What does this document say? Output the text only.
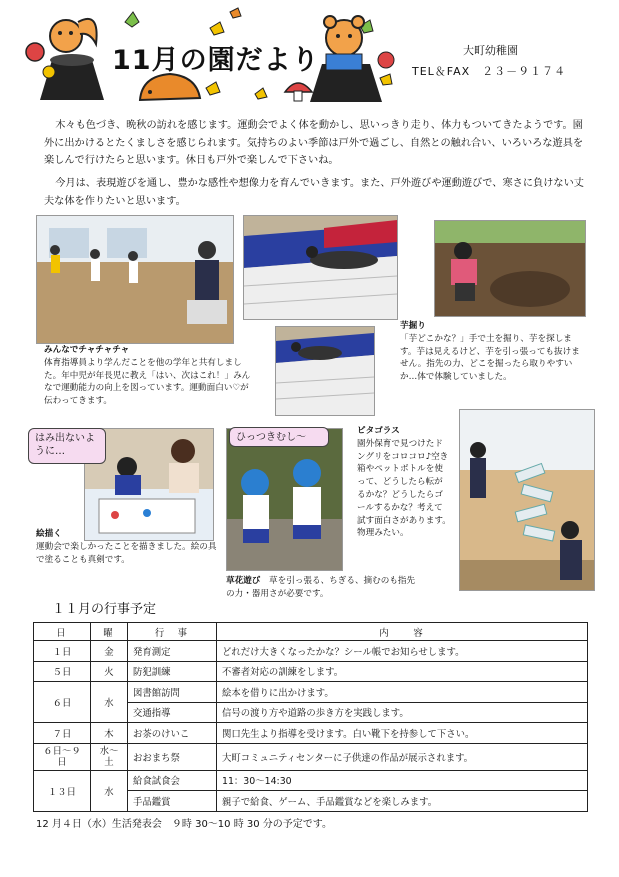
11月の園だより	大町幼稚園
TEL＆FAX　２３－９１７４

木々も色づき、晩秋の訪れを感じます。運動会でよく体を動かし、思いっきり走り、体力もついてきたようです。園外に出かけるとたくましさを感じられます。気持ちのよい季節は戸外で過ごし、自然との触れ合い、いろいろな遊具を楽しんで行けたらと思います。休日も戸外で楽しんで下さいね。

今月は、表現遊びを通し、豊かな感性や想像力を育んでいきます。また、戸外遊びや運動遊びで、寒さに負けない丈夫な体を作りたいと思います。

みんなでチャチャチャ

体育指導員より学んだことを他の学年と共有しました。年中児が年長児に教え「はい、次はこれ！」みんなで運動能力の向上を図っています。運動面白い♡が伝わってきます。

芋掘り

「芋どこかな？」手で土を掘り、芋を探します。芋は見えるけど、芋を引っ張っても抜けません。指先の力、どこを掘ったら取りやすいか…体で体験していました。

ピタゴラス

園外保育で見つけたドングリをコロコロ♪空き箱やペットボトルを使って、どうしたら転がるかな？どうしたらゴールするかな？考えて試す面白さがあります。物理みたい。

絵描く

運動会で楽しかったことを描きました。絵の具で塗ることも真剣です。

草花遊び　 草を引っ張る、ちぎる、摘むのも指先の力・器用さが必要です。

はみ出ないように…
ひっつきむし～
１１月の行事予定
日	曜	行　事	内　　容
１日	金	発育測定	どれだけ大きくなったかな？シール帳でお知らせします。
５日	火	防犯訓練	不審者対応の訓練をします。
６日	水	図書館訪問	絵本を借りに出かけます。
		交通指導	信号の渡り方や道路の歩き方を実践します。
７日	木	お茶のけいこ	関口先生より指導を受けます。白い靴下を持参して下さい。
６日～９日	水～土	おおまち祭	大町コミュニティセンターに子供達の作品が展示されます。
１３日	水	給食試食会	11：30～14:30
		手品鑑賞	親子で給食、ゲーム、手品鑑賞などを楽しみます。
12 月４日（水）生活発表会　９時 30～10 時 30 分の予定です。
